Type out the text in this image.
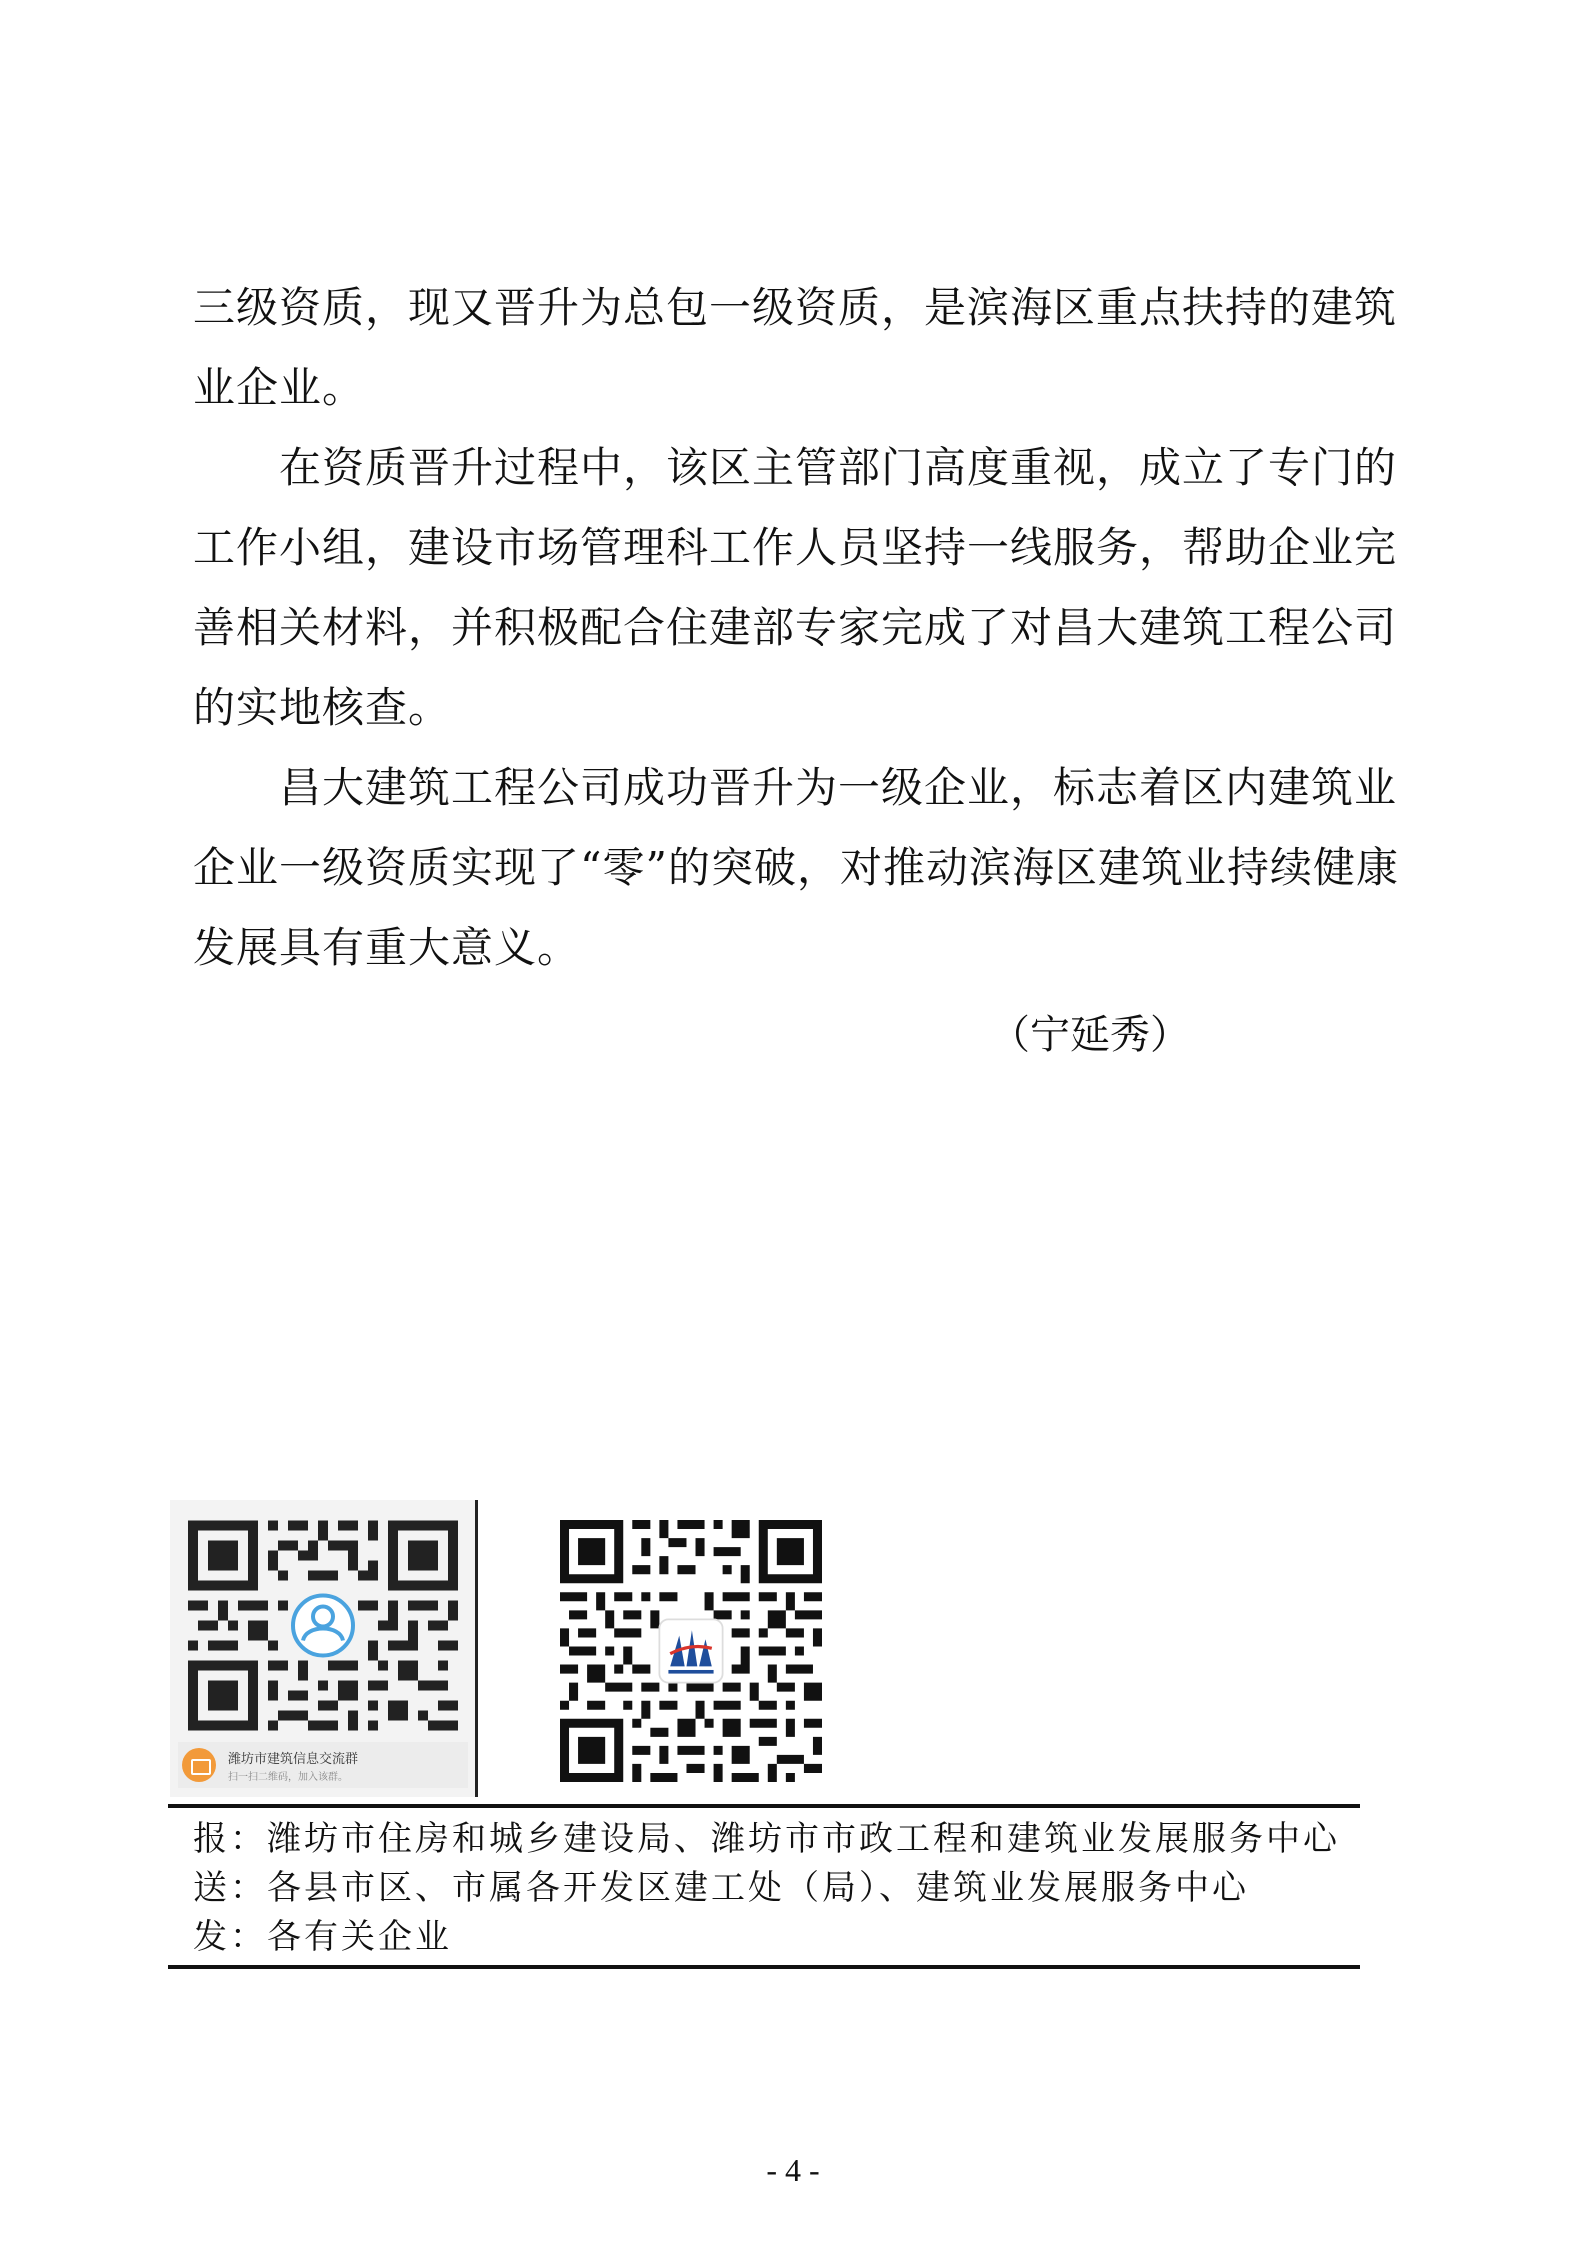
三级资质，现又晋升为总包一级资质，是滨海区重点扶持的建筑
业企业。
在资质晋升过程中，该区主管部门高度重视，成立了专门的
工作小组，建设市场管理科工作人员坚持一线服务，帮助企业完
善相关材料，并积极配合住建部专家完成了对昌大建筑工程公司
的实地核查。
昌大建筑工程公司成功晋升为一级企业，标志着区内建筑业
企业一级资质实现了“零”的突破，对推动滨海区建筑业持续健康
发展具有重大意义。
（宁延秀）
潍坊市建筑信息交流群
扫一扫二维码，加入该群。
报：潍坊市住房和城乡建设局、潍坊市市政工程和建筑业发展服务中心
送：各县市区、市属各开发区建工处（局）、建筑业发展服务中心
发：各有关企业
- 4 -
